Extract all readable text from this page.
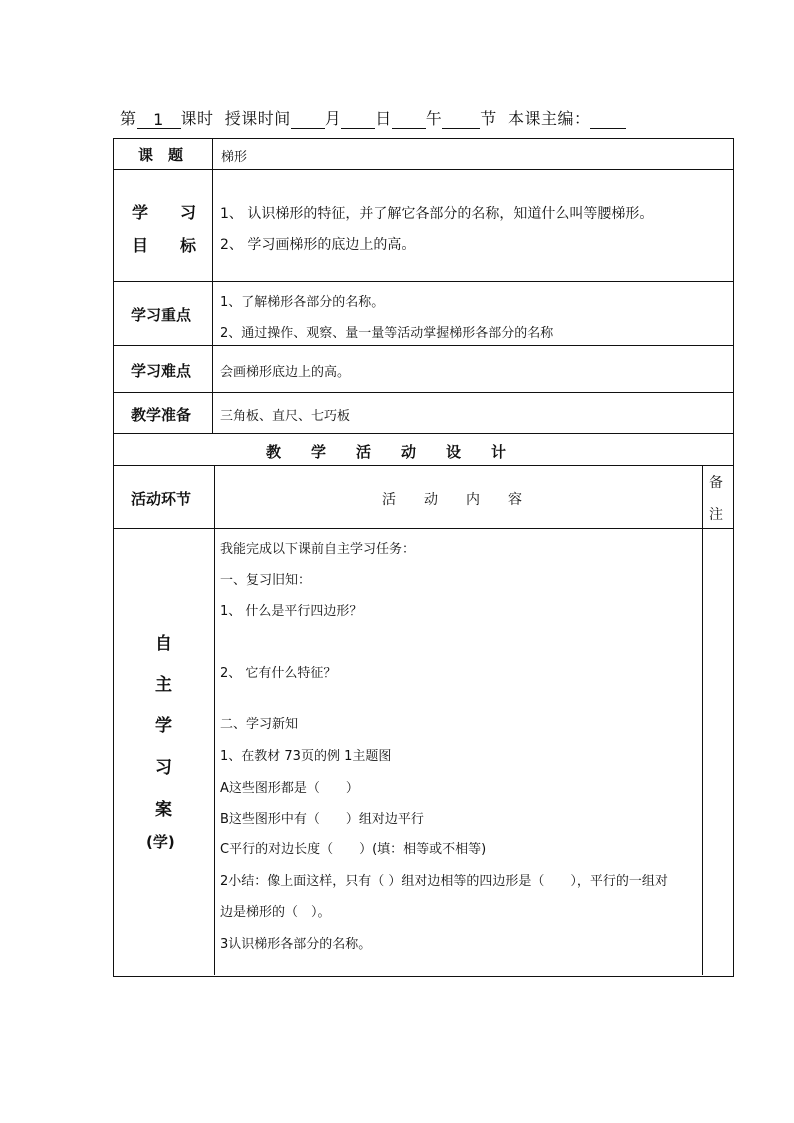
第 1 课时 授课时间 月 日 午 节 本课主编：
课　题	梯形
学　　习
目　　标
1、 认识梯形的特征，并了解它各部分的名称，知道什么叫等腰梯形。
2、 学习画梯形的底边上的高。
学习重点
1、了解梯形各部分的名称。
2、通过操作、观察、量一量等活动掌握梯形各部分的名称
学习难点 会画梯形底边上的高。
教学准备 三角板、直尺、七巧板
教　　学　　活　　动　　设　　计
活动环节	活　　动　　内　　容
备
注
自
主
学
习
案
(学)
我能完成以下课前自主学习任务：
一、复习旧知：
1、 什么是平行四边形？
2、 它有什么特征？
二、学习新知
1、在教材 73页的例 1主题图
A这些图形都是（　　）
B这些图形中有（　　）组对边平行
C平行的对边长度（　　）(填：相等或不相等)
2小结：像上面这样，只有（ ）组对边相等的四边形是（　　），平行的一组对
边是梯形的（　）。
3认识梯形各部分的名称。
